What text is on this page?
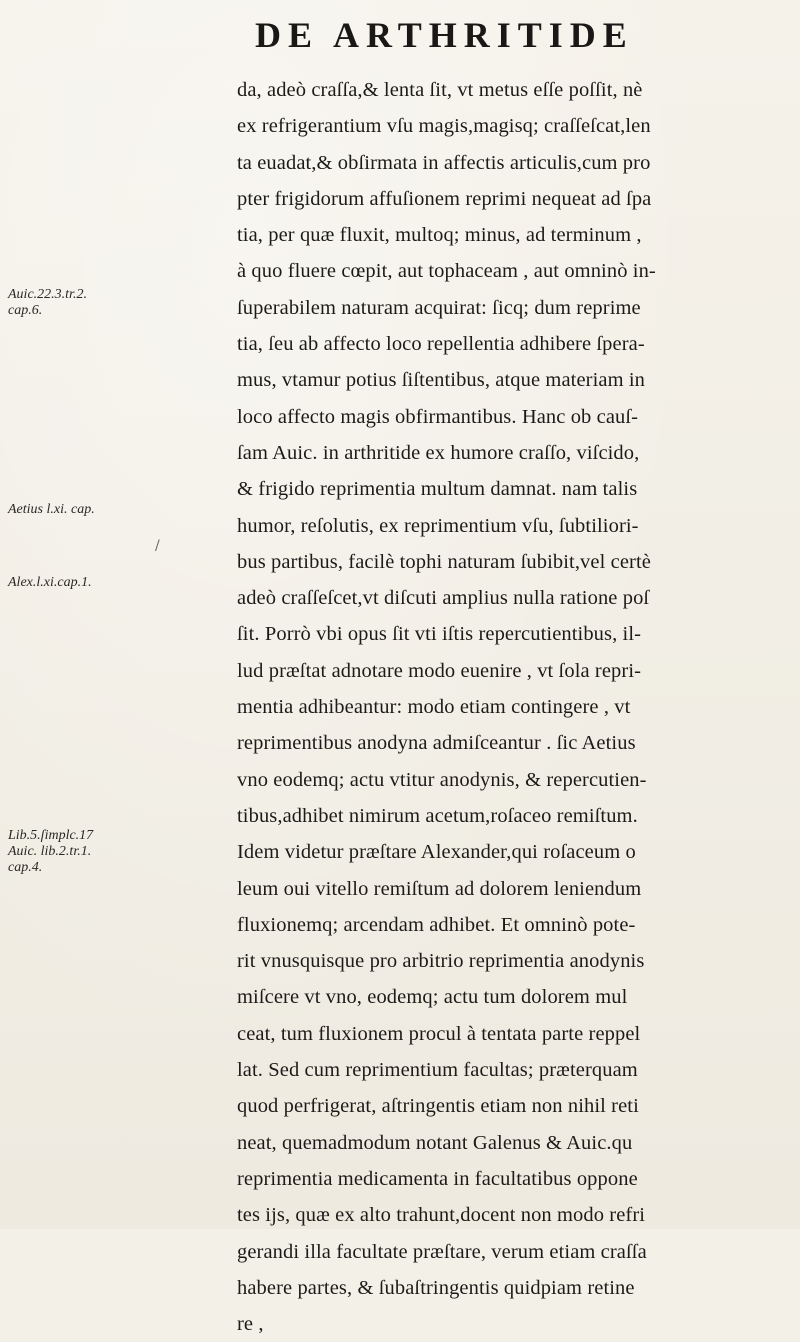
DE ARTHRITIDE
da, adeò craſſa,& lenta ſit, vt metus eſſe poſſit, nè
ex refrigerantium vſu magis,magisq; craſſeſcat,len
ta euadat,& obſirmata in affectis articulis,cum pro
pter frigidorum affuſionem reprimi nequeat ad ſpa
tia, per quæ fluxit, multoq; minus, ad terminum ,
à quo fluere cœpit, aut tophaceam , aut omninò in-
ſuperabilem naturam acquirat: ſicq; dum reprime
tia, ſeu ab affecto loco repellentia adhibere ſpera-
mus, vtamur potius ſiſtentibus, atque materiam in
loco affecto magis obfirmantibus. Hanc ob cauſ-
ſam Auic. in arthritide ex humore craſſo, viſcido,
& frigido reprimentia multum damnat. nam talis
humor, reſolutis, ex reprimentium vſu, ſubtiliori-
bus partibus, facilè tophi naturam ſubibit,vel certè
adeò craſſeſcet,vt diſcuti amplius nulla ratione poſ
ſit. Porrò vbi opus ſit vti iſtis repercutientibus, il-
lud præſtat adnotare modo euenire , vt ſola repri-
mentia adhibeantur: modo etiam contingere , vt
reprimentibus anodyna admiſceantur . ſic Aetius
vno eodemq; actu vtitur anodynis, & repercutien-
tibus,adhibet nimirum acetum,roſaceo remiſtum.
Idem videtur præſtare Alexander,qui roſaceum o
leum oui vitello remiſtum ad dolorem leniendum
fluxionemq; arcendam adhibet. Et omninò pote-
rit vnusquisque pro arbitrio reprimentia anodynis
miſcere vt vno, eodemq; actu tum dolorem mul
ceat, tum fluxionem procul à tentata parte reppel
lat. Sed cum reprimentium facultas; præterquam
quod perfrigerat, aſtringentis etiam non nihil reti
neat, quemadmodum notant Galenus & Auic.qu
reprimentia medicamenta in facultatibus oppone
tes ijs, quæ ex alto trahunt,docent non modo refri
gerandi illa facultate præſtare, verum etiam craſſa
habere partes, & ſubaſtringentis quidpiam retine
re ,
Auic.22.3.tr.2.
cap.6.
Aetius l.xi. cap.
/
Alex.l.xi.cap.1.
Lib.5.ſimplc.17
Auic. lib.2.tr.1.
cap.4.
